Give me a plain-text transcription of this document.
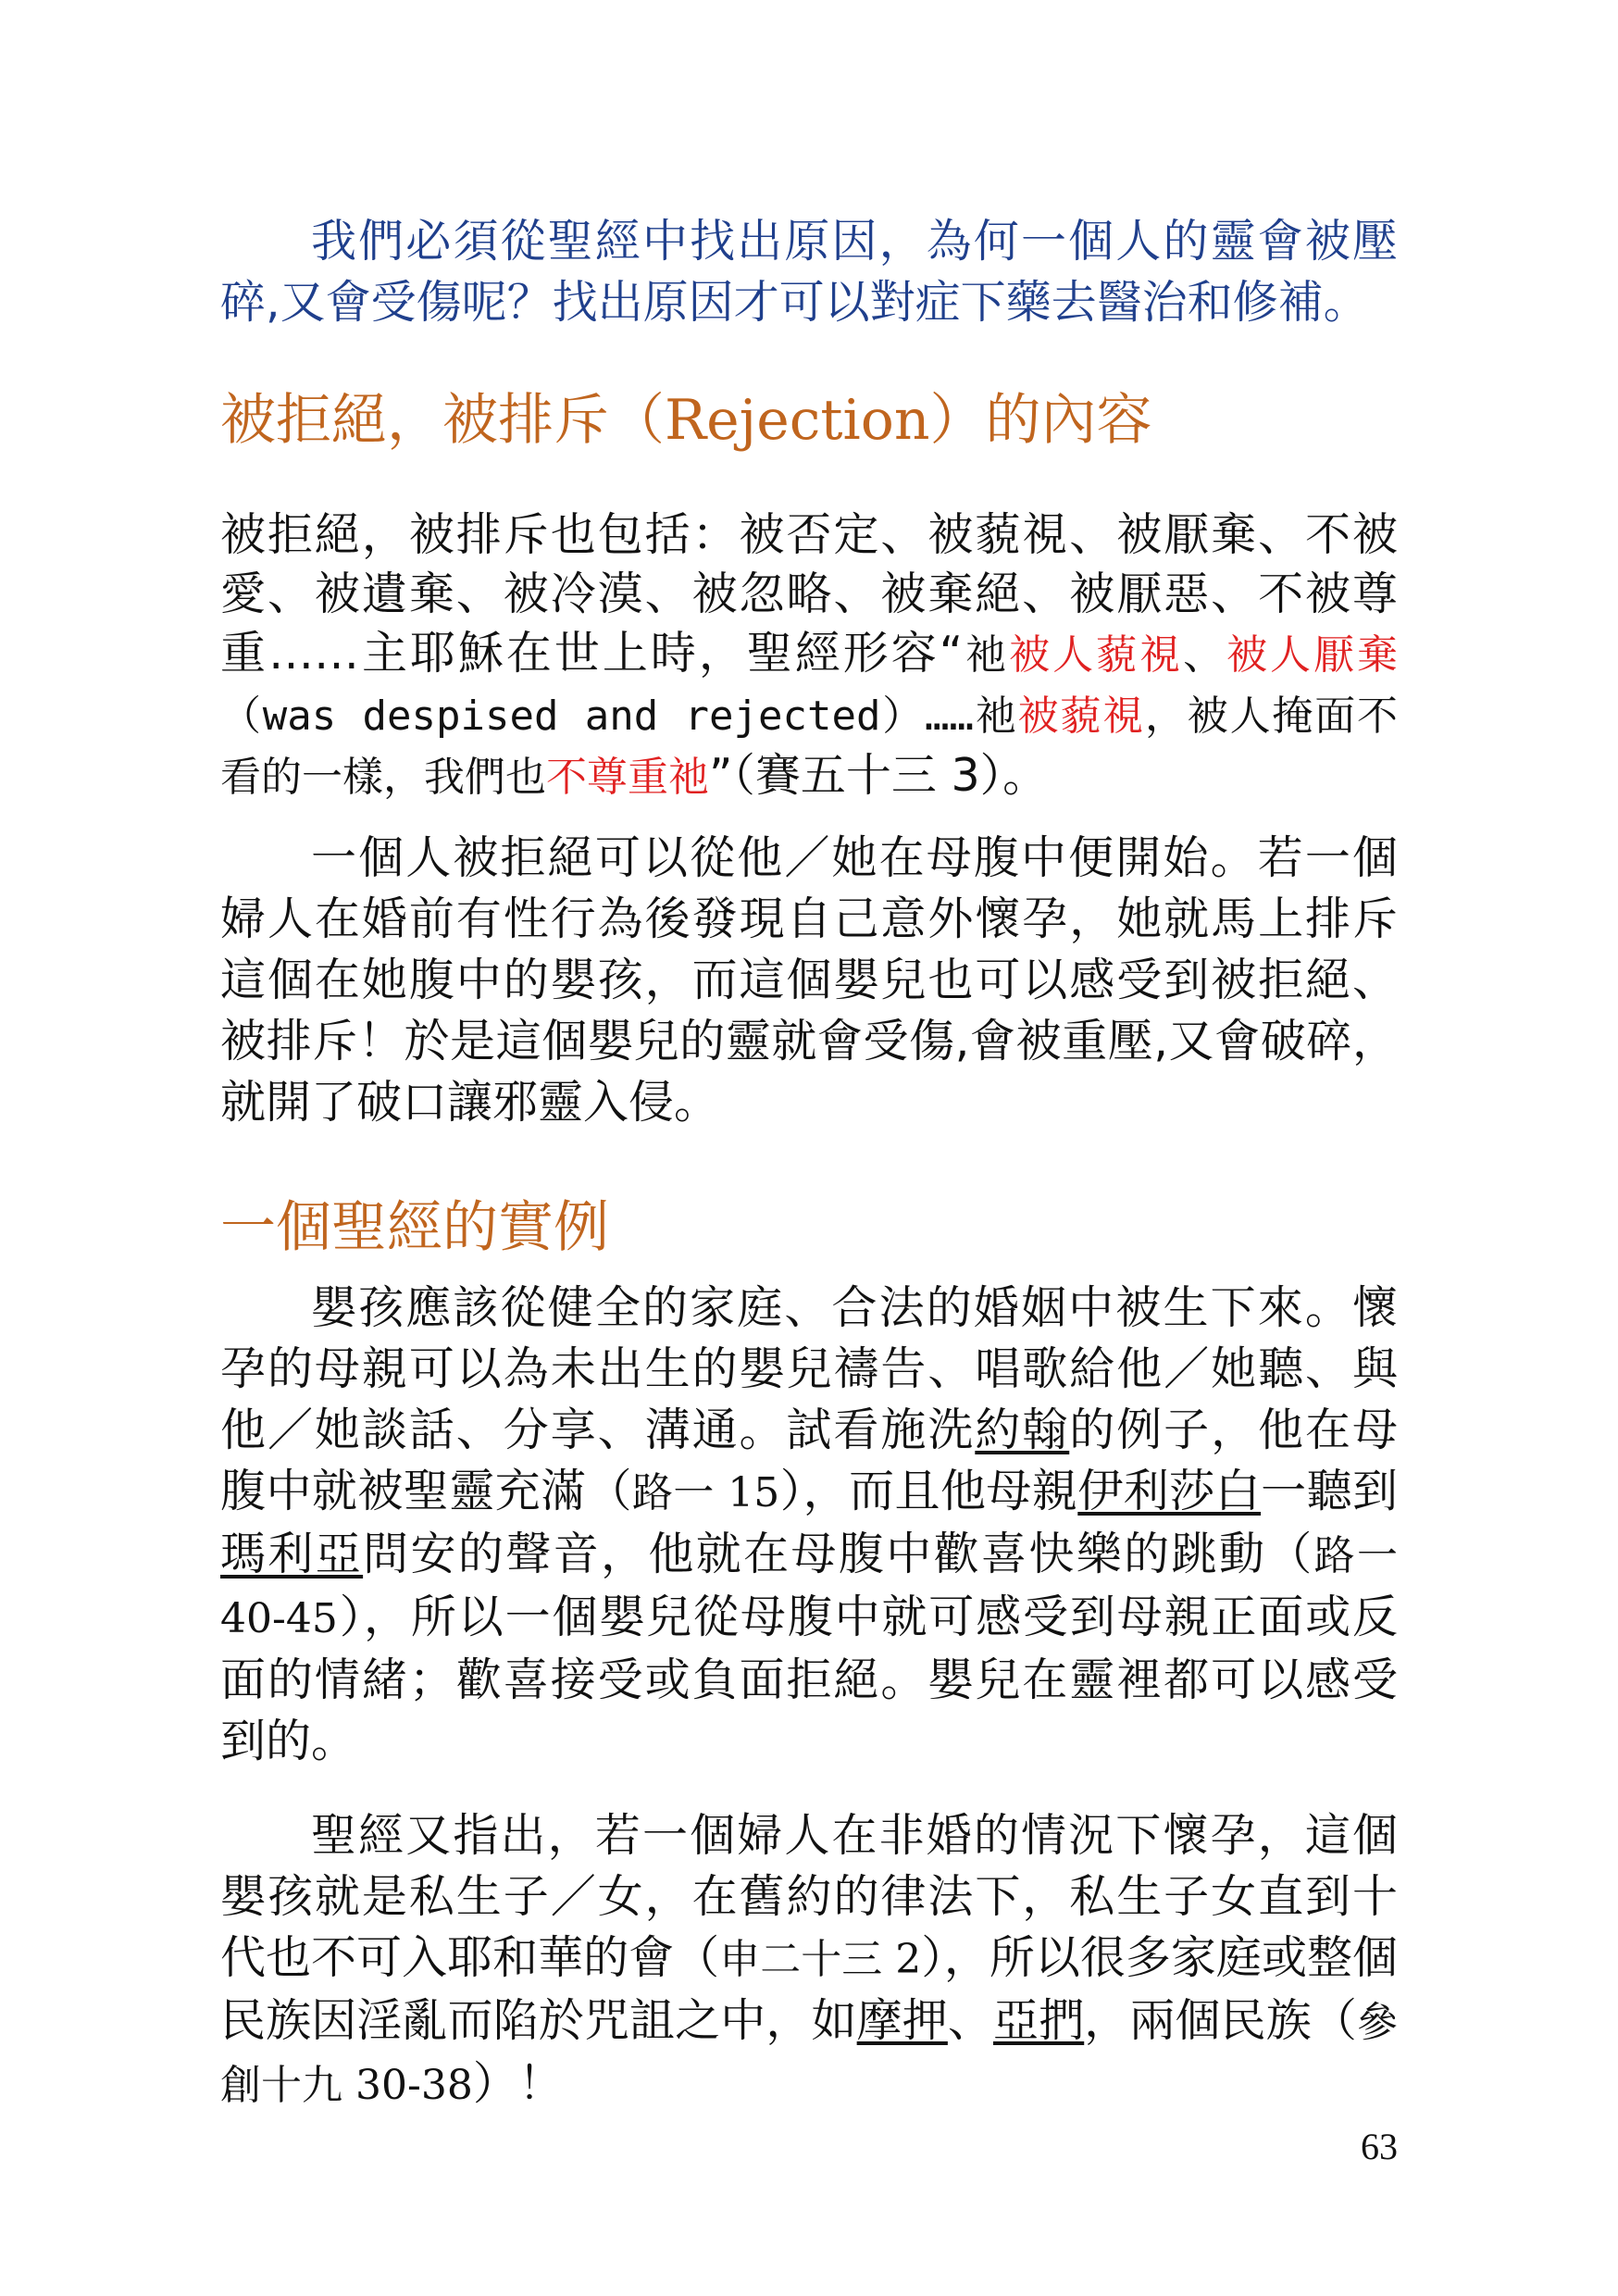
我們必須從聖經中找出原因，為何一個人的靈會被壓碎,又會受傷呢？找出原因才可以對症下藥去醫治和修補。

被拒絕，被排斥（Rejection）的內容

被拒絕，被排斥也包括：被否定、被藐視、被厭棄、不被愛、被遺棄、被冷漠、被忽略、被棄絕、被厭惡、不被尊重……主耶穌在世上時，聖經形容“祂被人藐視、被人厭棄（was despised and rejected）……祂被藐視，被人掩面不看的一樣，我們也不尊重祂”（賽五十三 3）。

一個人被拒絕可以從他／她在母腹中便開始。若一個婦人在婚前有性行為後發現自己意外懷孕，她就馬上排斥這個在她腹中的嬰孩，而這個嬰兒也可以感受到被拒絕、被排斥！於是這個嬰兒的靈就會受傷,會被重壓,又會破碎，就開了破口讓邪靈入侵。

一個聖經的實例

嬰孩應該從健全的家庭、合法的婚姻中被生下來。懷孕的母親可以為未出生的嬰兒禱告、唱歌給他／她聽、與他／她談話、分享、溝通。試看施洗約翰的例子，他在母腹中就被聖靈充滿（路一 15），而且他母親伊利莎白一聽到瑪利亞問安的聲音，他就在母腹中歡喜快樂的跳動（路一 40-45），所以一個嬰兒從母腹中就可感受到母親正面或反面的情緒；歡喜接受或負面拒絕。嬰兒在靈裡都可以感受到的。

聖經又指出，若一個婦人在非婚的情況下懷孕，這個嬰孩就是私生子／女，在舊約的律法下，私生子女直到十代也不可入耶和華的會（申二十三 2），所以很多家庭或整個民族因淫亂而陷於咒詛之中，如摩押、亞捫，兩個民族（參創十九 30-38）！

63
